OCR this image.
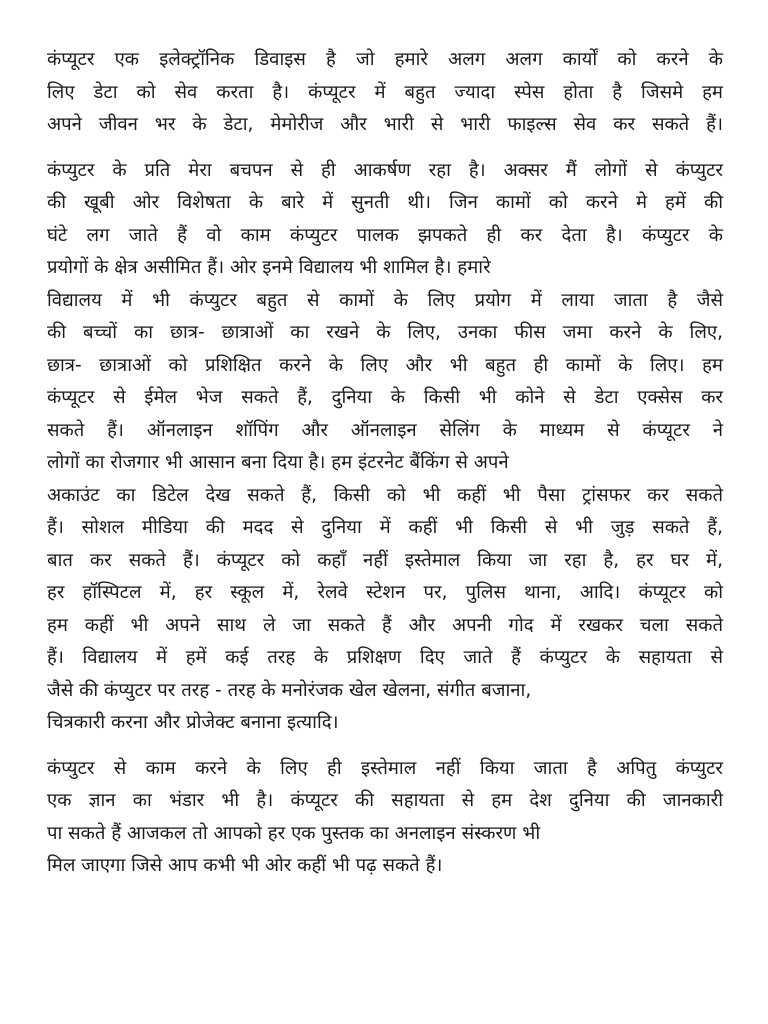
कंप्यूटर एक इलेक्ट्रॉनिक डिवाइस है जो हमारे अलग अलग कार्यों को करने के
लिए डेटा को सेव करता है। कंप्यूटर में बहुत ज्यादा स्पेस होता है जिसमे हम
अपने जीवन भर के डेटा, मेमोरीज और भारी से भारी फाइल्स सेव कर सकते हैं।
कंप्युटर के प्रति मेरा बचपन से ही आकर्षण रहा है। अक्सर मैं लोगों से कंप्युटर
की खूबी ओर विशेषता के बारे में सुनती थी। जिन कामों को करने मे हमें की
घंटे लग जाते हैं वो काम कंप्युटर पालक झपकते ही कर देता है। कंप्युटर के
प्रयोगों के क्षेत्र असीमित हैं। ओर इनमे विद्यालय भी शामिल है। हमारे
विद्यालय में भी कंप्युटर बहुत से कामों के लिए प्रयोग में लाया जाता है जैसे
की बच्चों का छात्र- छात्राओं का रखने के लिए, उनका फीस जमा करने के लिए,
छात्र- छात्राओं को प्रशिक्षित करने के लिए और भी बहुत ही कामों के लिए। हम
कंप्यूटर से ईमेल भेज सकते हैं, दुनिया के किसी भी कोने से डेटा एक्सेस कर
सकते हैं। ऑनलाइन शॉपिंग और ऑनलाइन सेलिंग के माध्यम से कंप्यूटर ने
लोगों का रोजगार भी आसान बना दिया है। हम इंटरनेट बैंकिंग से अपने
अकाउंट का डिटेल देख सकते हैं, किसी को भी कहीं भी पैसा ट्रांसफर कर सकते
हैं। सोशल मीडिया की मदद से दुनिया में कहीं भी किसी से भी जुड़ सकते हैं,
बात कर सकते हैं। कंप्यूटर को कहाँ नहीं इस्तेमाल किया जा रहा है, हर घर में,
हर हॉस्पिटल में, हर स्कूल में, रेलवे स्टेशन पर, पुलिस थाना, आदि। कंप्यूटर को
हम कहीं भी अपने साथ ले जा सकते हैं और अपनी गोद में रखकर चला सकते
हैं। विद्यालय में हमें कई तरह के प्रशिक्षण दिए जाते हैं कंप्युटर के सहायता से
जैसे की कंप्युटर पर तरह - तरह के मनोरंजक खेल खेलना, संगीत बजाना,
चित्रकारी करना और प्रोजेक्ट बनाना इत्यादि।
कंप्युटर से काम करने के लिए ही इस्तेमाल नहीं किया जाता है अपितु कंप्युटर
एक ज्ञान का भंडार भी है। कंप्यूटर की सहायता से हम देश दुनिया की जानकारी
पा सकते हैं आजकल तो आपको हर एक पुस्तक का अनलाइन संस्करण भी
मिल जाएगा जिसे आप कभी भी ओर कहीं भी पढ़ सकते हैं।
